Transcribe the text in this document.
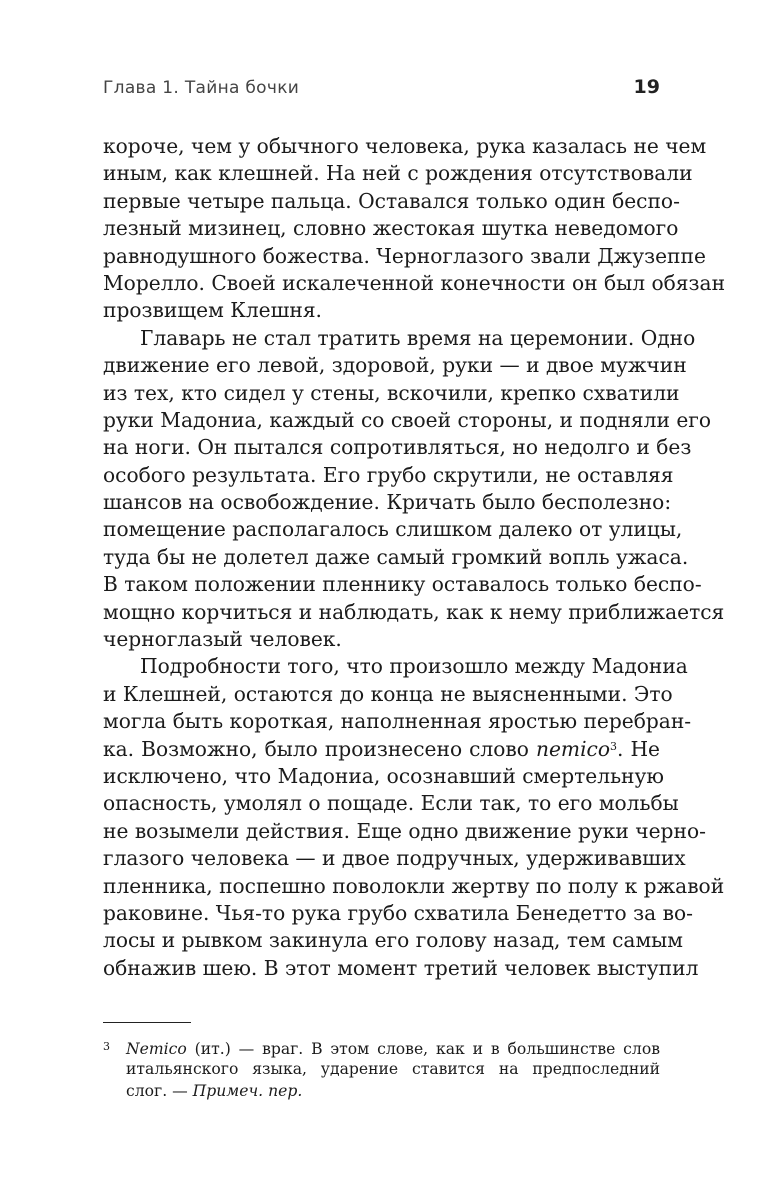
Глава 1. Тайна бочки	19
короче, чем у обычного человека, рука казалась не чем
иным, как клешней. На ней с рождения отсутствовали
первые четыре пальца. Оставался только один беспо-
лезный мизинец, словно жестокая шутка неведомого
равнодушного божества. Черноглазого звали Джузеппе
Морелло. Своей искалеченной конечности он был обязан
прозвищем Клешня.
Главарь не стал тратить время на церемонии. Одно
движение его левой, здоровой, руки — и двое мужчин
из тех, кто сидел у стены, вскочили, крепко схватили
руки Мадониа, каждый со своей стороны, и подняли его
на ноги. Он пытался сопротивляться, но недолго и без
особого результата. Его грубо скрутили, не оставляя
шансов на освобождение. Кричать было бесполезно:
помещение располагалось слишком далеко от улицы,
туда бы не долетел даже самый громкий вопль ужаса.
В таком положении пленнику оставалось только беспо-
мощно корчиться и наблюдать, как к нему приближается
черноглазый человек.
Подробности того, что произошло между Мадониа
и Клешней, остаются до конца не выясненными. Это
могла быть короткая, наполненная яростью перебран-
ка. Возможно, было произнесено слово nemico$^3$. Не
исключено, что Мадониа, осознавший смертельную
опасность, умолял о пощаде. Если так, то его мольбы
не возымели действия. Еще одно движение руки черно-
глазого человека — и двое подручных, удерживавших
пленника, поспешно поволокли жертву по полу к ржавой
раковине. Чья-то рука грубо схватила Бенедетто за во-
лосы и рывком закинула его голову назад, тем самым
обнажив шею. В этот момент третий человек выступил
3 Nemico (ит.) — враг. В этом слове, как и в большинстве слов
итальянского языка, ударение ставится на предпоследний
слог. — Примеч. пер.
